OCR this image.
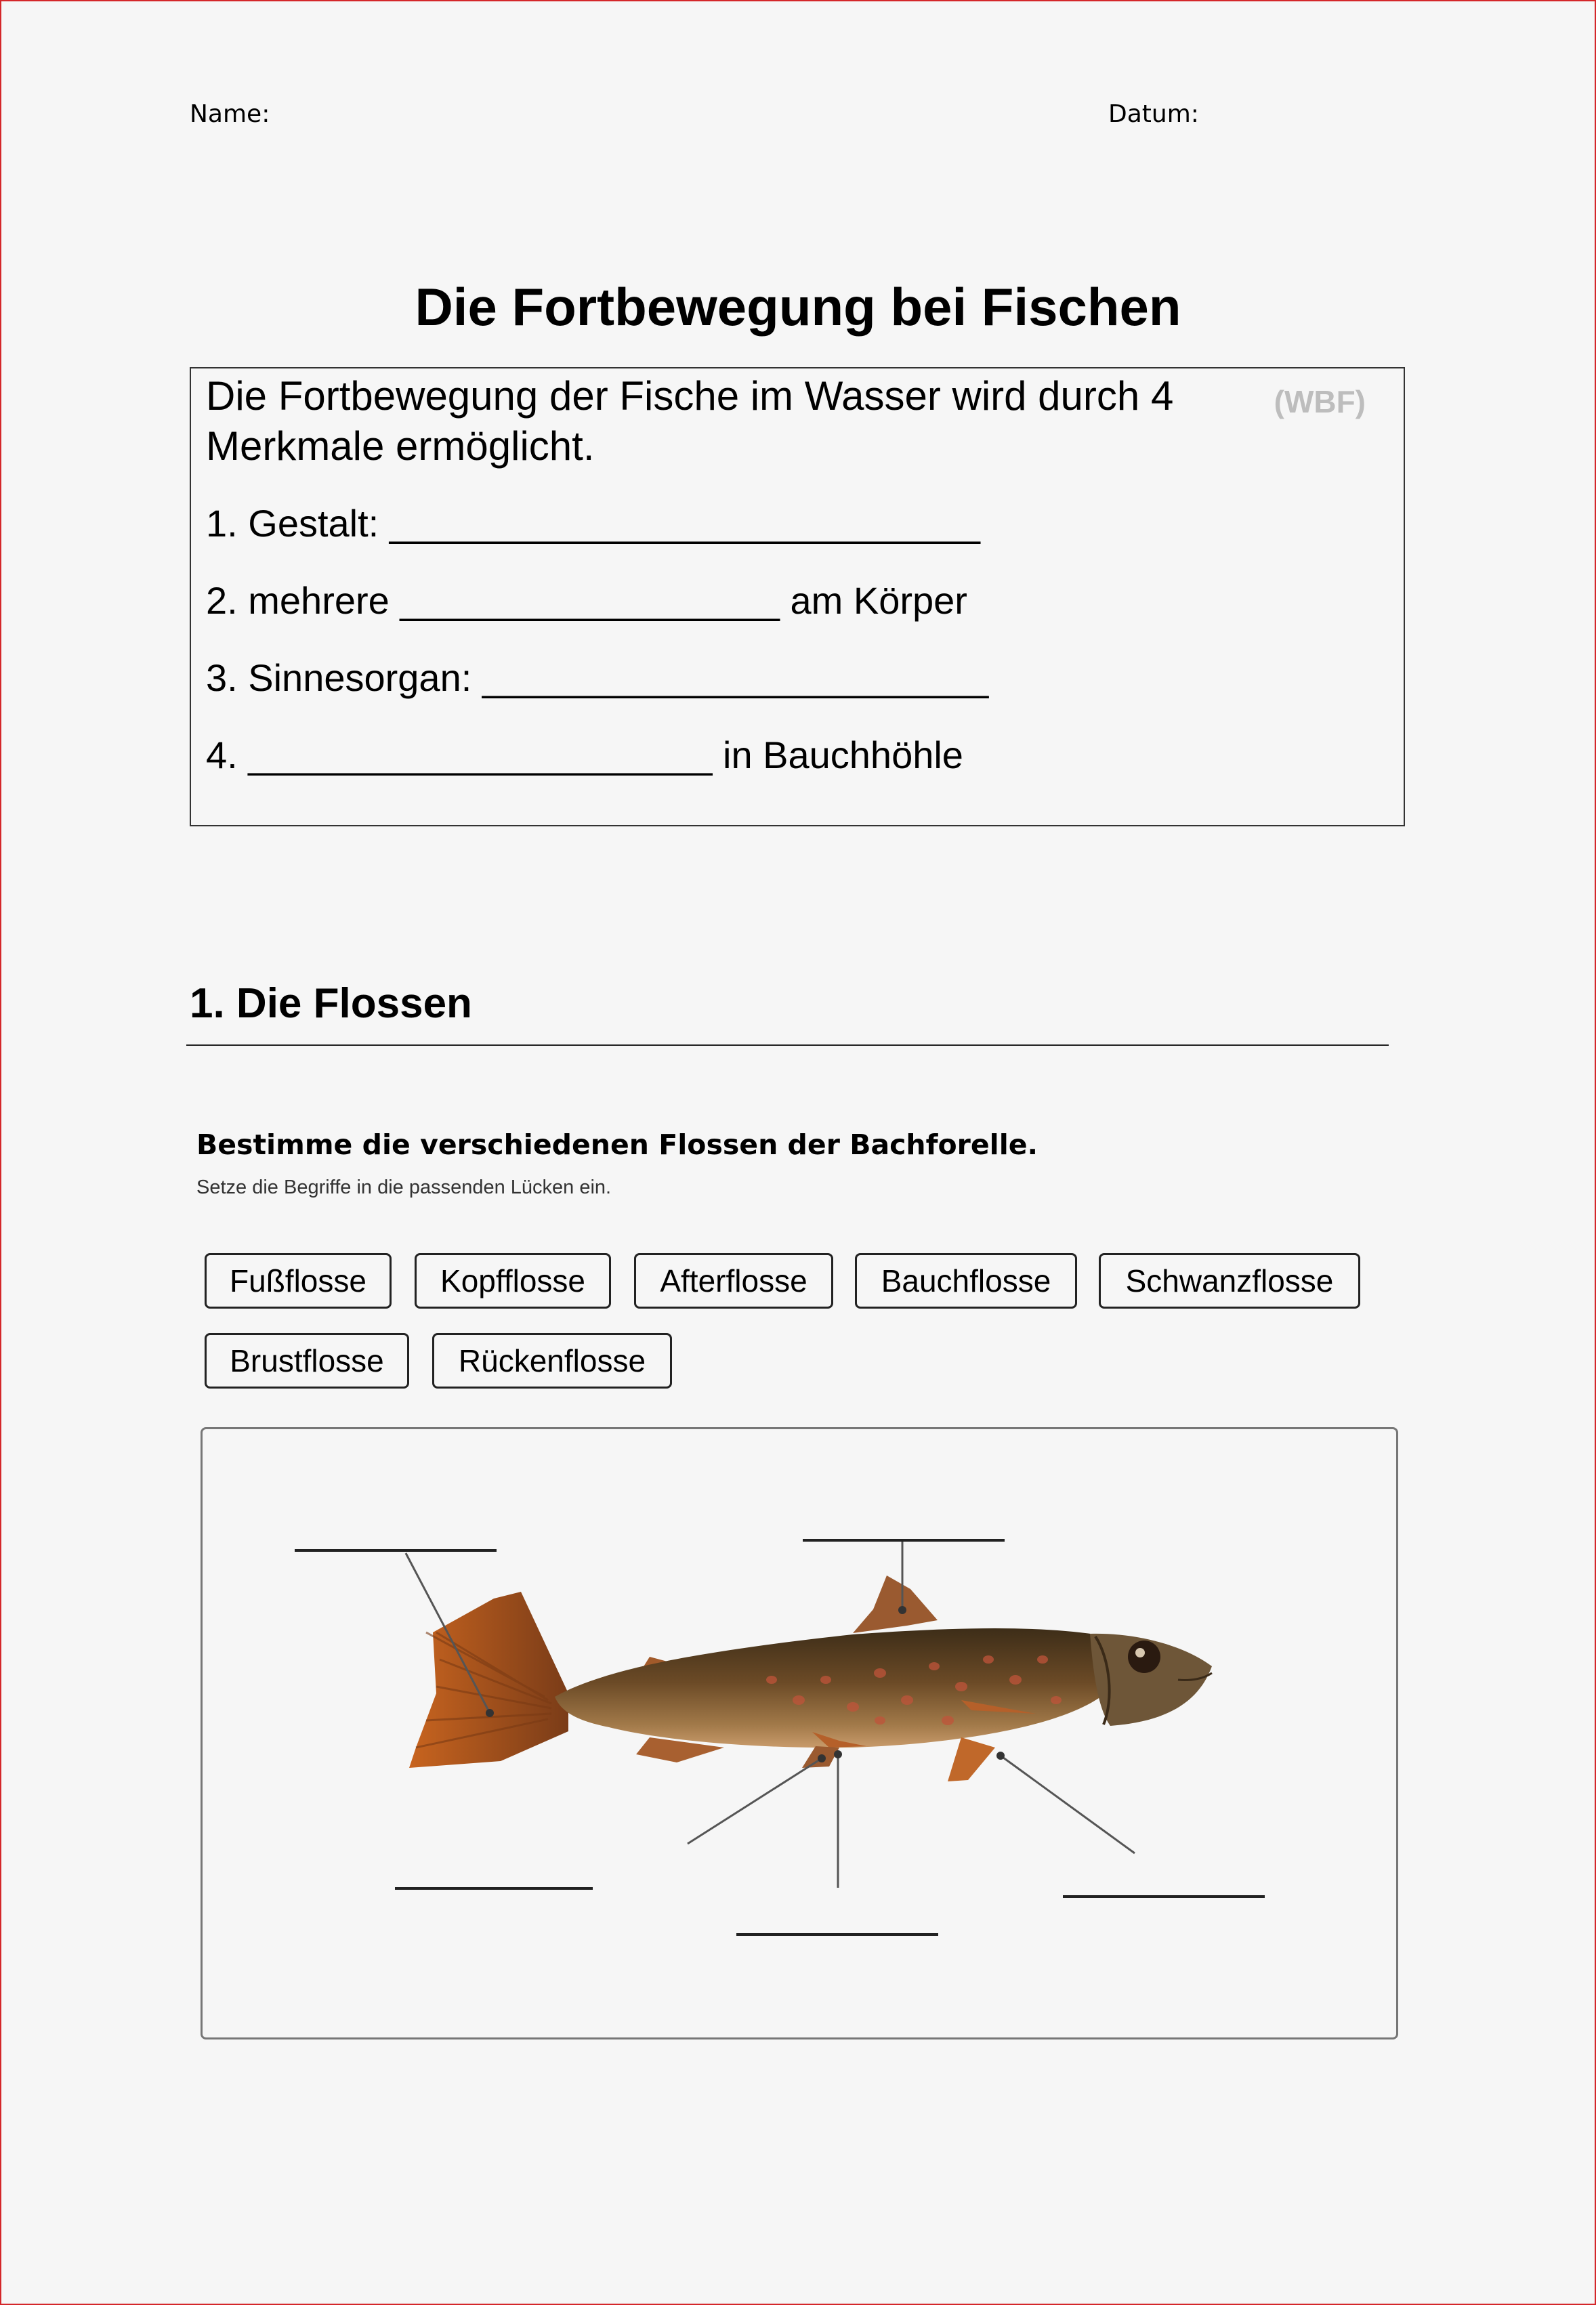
Name:	Datum:
Die Fortbewegung bei Fischen
Die Fortbewegung der Fische im Wasser wird durch 4 Merkmale ermöglicht.
(WBF)
1. Gestalt: ____________________________
2. mehrere __________________ am Körper
3. Sinnesorgan: ________________________
4. ______________________ in Bauchhöhle
1. Die Flossen
Bestimme die verschiedenen Flossen der Bachforelle.
Setze die Begriffe in die passenden Lücken ein.
Fußflosse	Kopfflosse	Afterflosse	Bauchflosse	Schwanzflosse
Brustflosse	Rückenflosse
